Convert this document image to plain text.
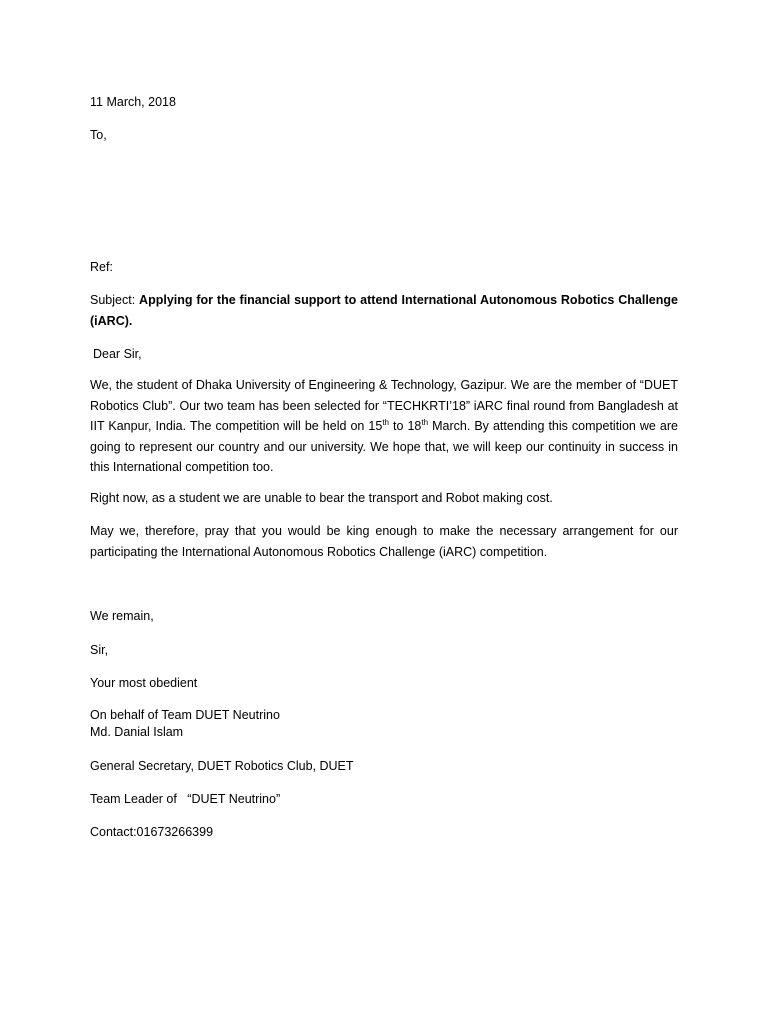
11 March, 2018
To,
Ref:
Subject: Applying for the financial support to attend International Autonomous Robotics Challenge (iARC).
Dear Sir,
We, the student of Dhaka University of Engineering & Technology, Gazipur. We are the member of “DUET Robotics Club”. Our two team has been selected for “TECHKRTI’18” iARC final round from Bangladesh at IIT Kanpur, India. The competition will be held on 15th to 18th March. By attending this competition we are going to represent our country and our university. We hope that, we will keep our continuity in success in this International competition too.
Right now, as a student we are unable to bear the transport and Robot making cost.
May we, therefore, pray that you would be king enough to make the necessary arrangement for our participating the International Autonomous Robotics Challenge (iARC) competition.
We remain,
Sir,
Your most obedient
On behalf of Team DUET Neutrino
Md. Danial Islam
General Secretary, DUET Robotics Club, DUET
Team Leader of   “DUET Neutrino”
Contact:01673266399
